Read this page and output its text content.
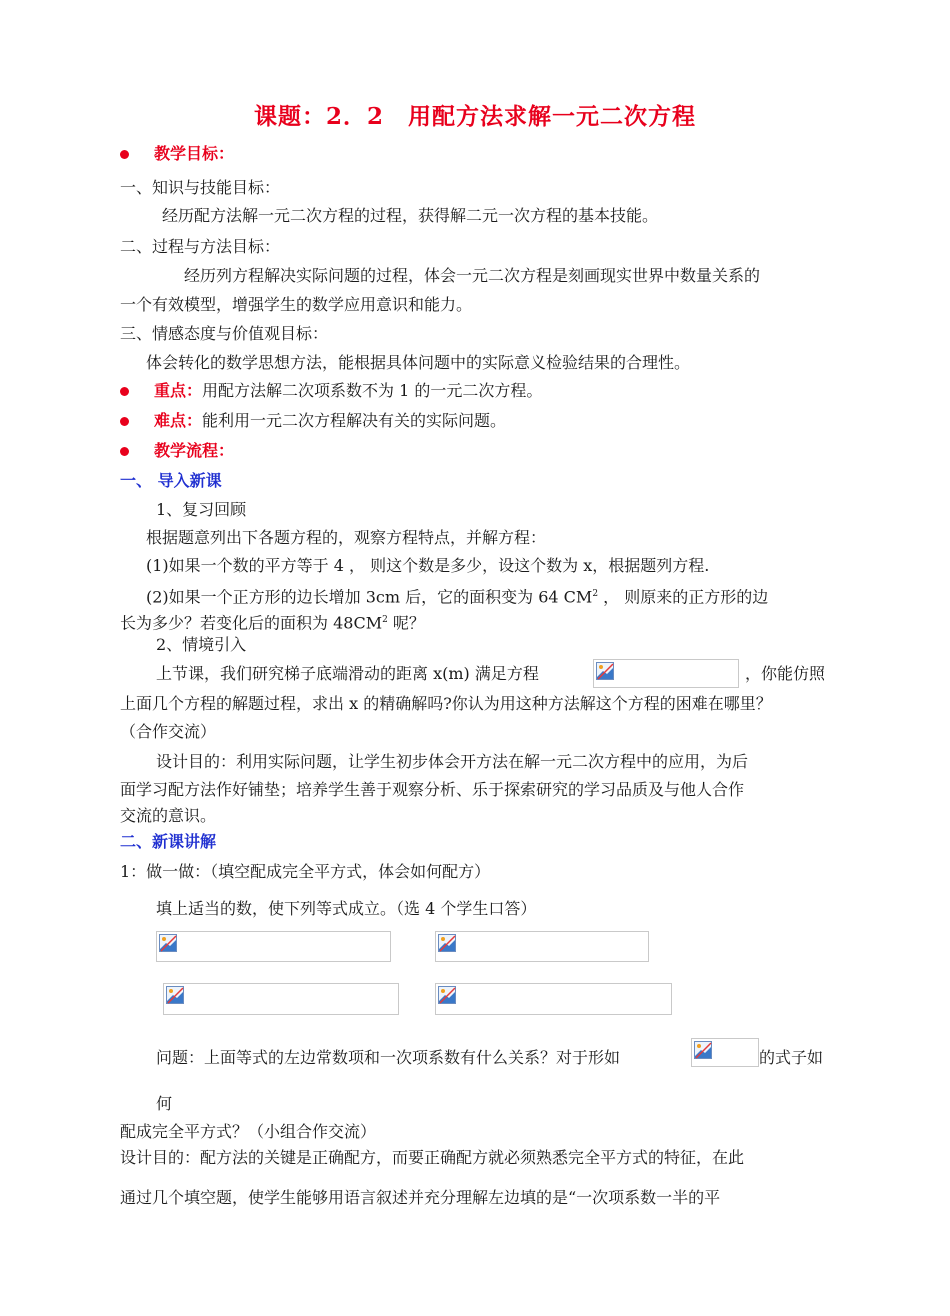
课题：2．2　用配方法求解一元二次方程
教学目标：
一、知识与技能目标：
经历配方法解一元二次方程的过程，获得解二元一次方程的基本技能。
二、过程与方法目标：
经历列方程解决实际问题的过程，体会一元二次方程是刻画现实世界中数量关系的
一个有效模型，增强学生的数学应用意识和能力。
三、情感态度与价值观目标：
体会转化的数学思想方法，能根据具体问题中的实际意义检验结果的合理性。
重点：用配方法解二次项系数不为 1 的一元二次方程。
难点：能利用一元二次方程解决有关的实际问题。
教学流程：
一、 导入新课
1、复习回顾
根据题意列出下各题方程的，观察方程特点，并解方程：
(1)如果一个数的平方等于 4 ， 则这个数是多少，设这个数为 x，根据题列方程.
(2)如果一个正方形的边长增加 3cm 后，它的面积变为 64 $CM^2$ ， 则原来的正方形的边
长为多少？若变化后的面积为 $48CM^2$ 呢？
2、情境引入
上节课，我们研究梯子底端滑动的距离 x(m) 满足方程	，你能仿照
上面几个方程的解题过程，求出 x 的精确解吗?你认为用这种方法解这个方程的困难在哪里？
（合作交流）
设计目的：利用实际问题，让学生初步体会开方法在解一元二次方程中的应用，为后
面学习配方法作好铺垫；培养学生善于观察分析、乐于探索研究的学习品质及与他人合作
交流的意识。
二、新课讲解
1：做一做：（填空配成完全平方式，体会如何配方）
填上适当的数，使下列等式成立。（选 4 个学生口答）
问题：上面等式的左边常数项和一次项系数有什么关系？对于形如	的式子如
何
配成完全平方式？（小组合作交流）
设计目的：配方法的关键是正确配方，而要正确配方就必须熟悉完全平方式的特征，在此
通过几个填空题，使学生能够用语言叙述并充分理解左边填的是“一次项系数一半的平
